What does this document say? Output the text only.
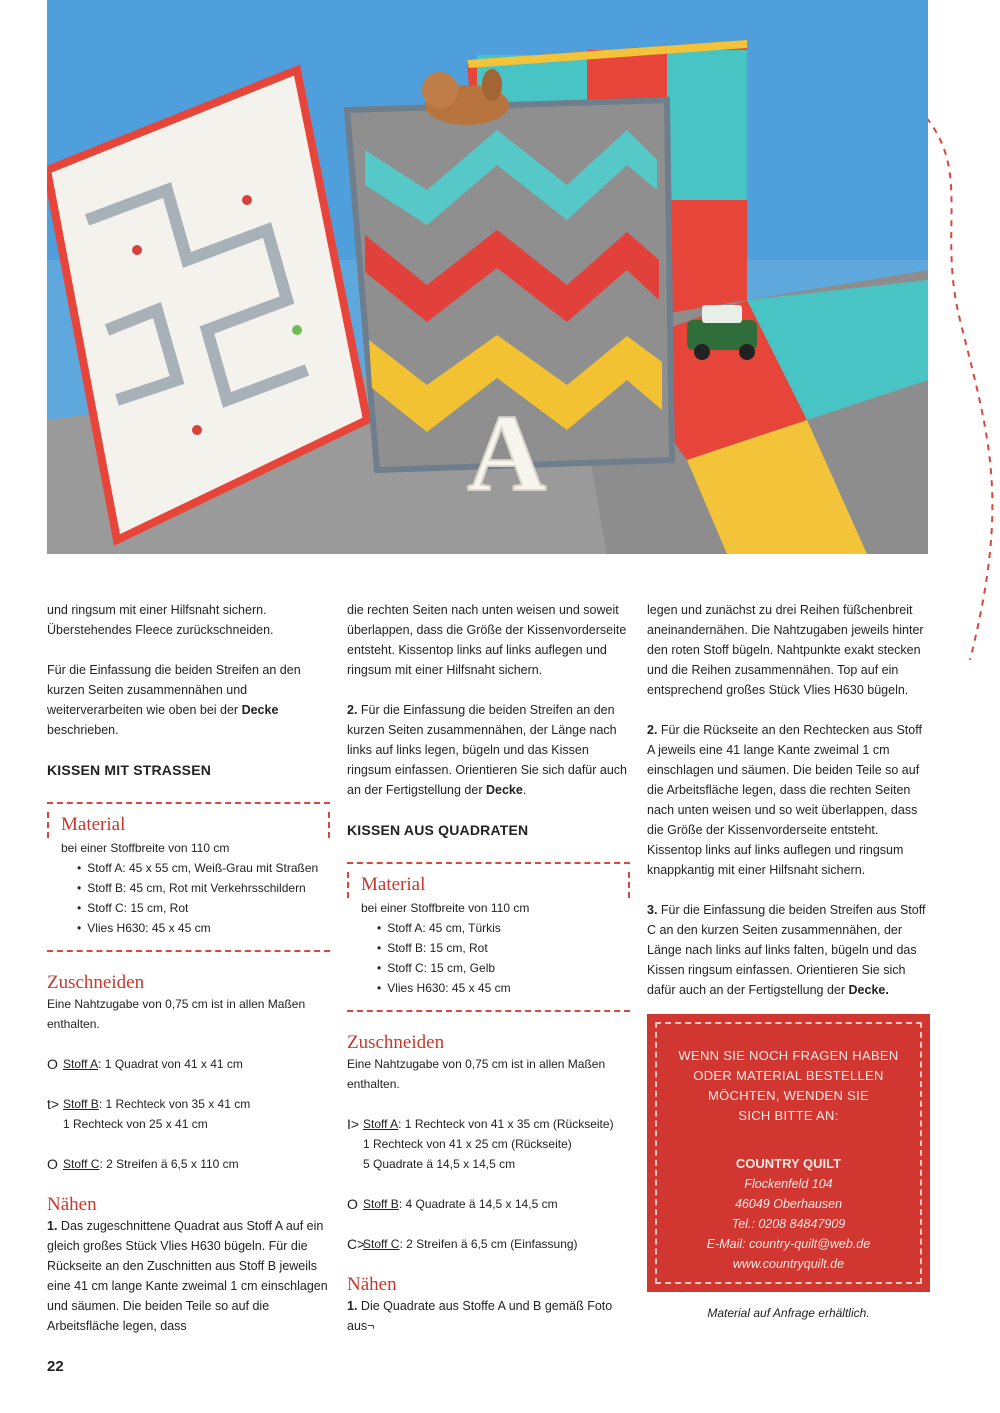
A

und ringsum mit einer Hilfsnaht sichern. Überstehendes Fleece zurückschneiden.

Für die Einfassung die beiden Streifen an den kurzen Seiten zusammennähen und weiterverarbeiten wie oben bei der Decke beschrieben.

KISSEN MIT STRASSEN
Material
bei einer Stoffbreite von 110 cm
• Stoff A: 45 x 55 cm, Weiß-Grau mit Straßen
• Stoff B: 45 cm, Rot mit Verkehrsschildern
• Stoff C: 15 cm, Rot
• Vlies H630: 45 x 45 cm
Zuschneiden

Eine Nahtzugabe von 0,75 cm ist in allen Maßen enthalten.

O Stoff A: 1 Quadrat von 41 x 41 cm
t> Stoff B: 1 Rechteck von 35 x 41 cm
1 Rechteck von 25 x 41 cm
O Stoff C: 2 Streifen ä 6,5 x 110 cm
Nähen

1. Das zugeschnittene Quadrat aus Stoff A auf ein gleich großes Stück Vlies H630 bügeln. Für die Rückseite an den Zuschnitten aus Stoff B jeweils eine 41 cm lange Kante zweimal 1 cm einschlagen und säumen. Die beiden Teile so auf die Arbeitsfläche legen, dass

die rechten Seiten nach unten weisen und soweit überlappen, dass die Größe der Kissenvorderseite entsteht. Kissentop links auf links auflegen und ringsum mit einer Hilfsnaht sichern.

2. Für die Einfassung die beiden Streifen an den kurzen Seiten zusammennähen, der Länge nach links auf links legen, bügeln und das Kissen ringsum einfassen. Orientieren Sie sich dafür auch an der Fertigstellung der Decke.

KISSEN AUS QUADRATEN
Material
bei einer Stoffbreite von 110 cm
• Stoff A: 45 cm, Türkis
• Stoff B: 15 cm, Rot
• Stoff C: 15 cm, Gelb
• Vlies H630: 45 x 45 cm
Zuschneiden

Eine Nahtzugabe von 0,75 cm ist in allen Maßen enthalten.

I> Stoff A: 1 Rechteck von 41 x 35 cm (Rückseite)
1 Rechteck von 41 x 25 cm (Rückseite)
5 Quadrate ä 14,5 x 14,5 cm
O Stoff B: 4 Quadrate ä 14,5 x 14,5 cm
C>
Stoff C: 2 Streifen ä 6,5 cm (Einfassung)
Nähen

1. Die Quadrate aus Stoffe A und B gemäß Foto aus¬

legen und zunächst zu drei Reihen füßchenbreit aneinandernähen. Die Nahtzugaben jeweils hinter den roten Stoff bügeln. Nahtpunkte exakt stecken und die Reihen zusammennähen. Top auf ein entsprechend großes Stück Vlies H630 bügeln.

2. Für die Rückseite an den Rechtecken aus Stoff A jeweils eine 41 lange Kante zweimal 1 cm einschlagen und säumen. Die beiden Teile so auf die Arbeitsfläche legen, dass die rechten Seiten nach unten weisen und so weit überlappen, dass die Größe der Kissenvorderseite entsteht. Kissentop links auf links auflegen und ringsum knappkantig mit einer Hilfsnaht sichern.

3. Für die Einfassung die beiden Streifen aus Stoff C an den kurzen Seiten zusammennähen, der Länge nach links auf links falten, bügeln und das Kissen ringsum einfassen. Orientieren Sie sich dafür auch an der Fertigstellung der Decke.

WENN SIE NOCH FRAGEN HABEN
ODER MATERIAL BESTELLEN
MÖCHTEN, WENDEN SIE
SICH BITTE AN:
COUNTRY QUILT
Flockenfeld 104
46049 Oberhausen
Tel.: 0208 84847909
E-Mail: country-quilt@web.de
www.countryquilt.de
Material auf Anfrage erhältlich.
22
